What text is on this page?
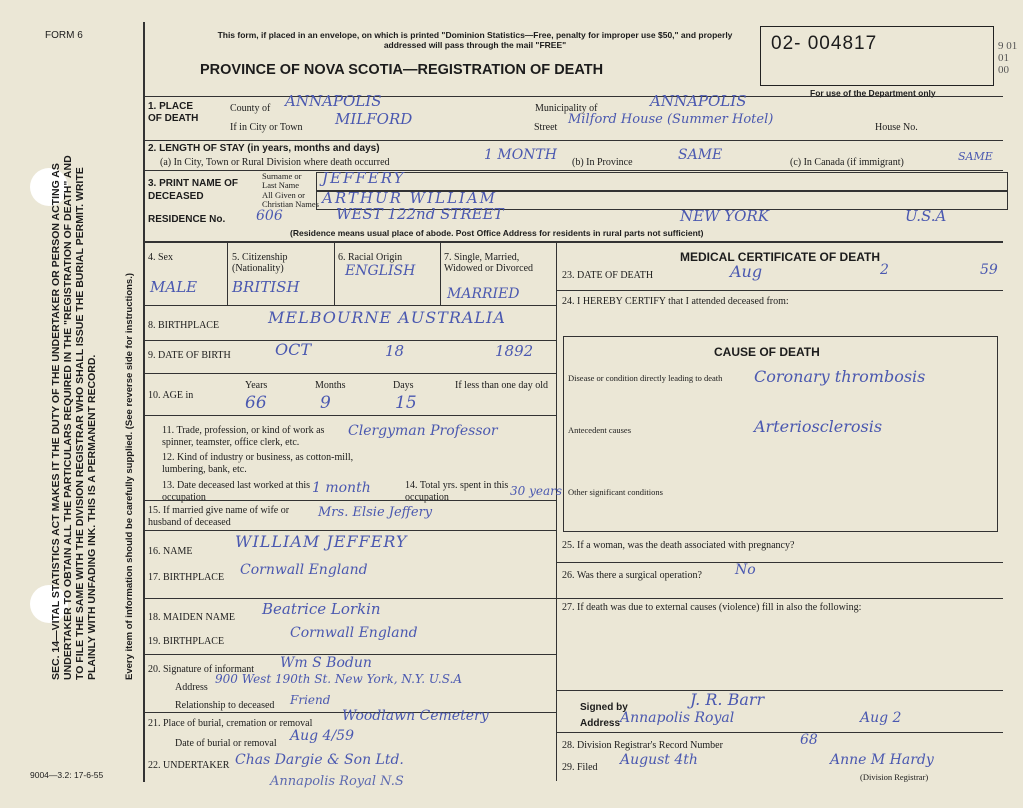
FORM 6
SEC. 14—VITAL STATISTICS ACT MAKES IT THE DUTY OF THE UNDERTAKER OR PERSON ACTING AS UNDERTAKER TO OBTAIN ALL THE PARTICULARS REQUIRED IN THE "REGISTRATION OF DEATH" AND TO FILE THE SAME WITH THE DIVISION REGISTRAR WHO SHALL ISSUE THE BURIAL PERMIT. WRITE PLAINLY WITH UNFADING INK. THIS IS A PERMANENT RECORD.	Every item of information should be carefully supplied. (See reverse side for instructions.)
9004—3.2: 17-6-55
This form, if placed in an envelope, on which is printed "Dominion Statistics—Free, penalty for improper use $50," and properly addressed will pass through the mail "FREE"
PROVINCE OF NOVA SCOTIA—REGISTRATION OF DEATH
02- 004817
For use of the Department only
9 01 01 00
1. PLACE OF DEATH
County of ANNAPOLIS	Municipality of	ANNAPOLIS
If in City or Town MILFORD	Street
Milford House (Summer Hotel)
House No.
2. LENGTH OF STAY (in years, months and days)
(a) In City, Town or Rural Division where death occurred	1 MONTH (b) In Province	SAME	(c) In Canada (if immigrant)	SAME
3. PRINT NAME OF DECEASED
Surname or
Last Name
All Given or
Christian Names
JEFFERY
ARTHUR WILLIAM
RESIDENCE No. 606	WEST 122nd STREET	NEW YORK	U.S.A
(Residence means usual place of abode. Post Office Address for residents in rural parts not sufficient)
4. Sex
MALE
5. Citizenship
(Nationality)
BRITISH
6. Racial Origin
ENGLISH
7. Single, Married, Widowed or Divorced
MARRIED
8. BIRTHPLACE	MELBOURNE AUSTRALIA
9. DATE OF BIRTH	OCT	18	1892
10. AGE in
Years	Months	Days
66	9	15
If less than one day old
11. Trade, profession, or kind of work as spinner, teamster, office clerk, etc.
Clergyman Professor
12. Kind of industry or business, as cotton-mill, lumbering, bank, etc.
13. Date deceased last worked at this occupation
1 month	14. Total yrs. spent in this occupation	30 years
15. If married give name of wife or husband of deceased
Mrs. Elsie Jeffery
16. NAME
WILLIAM JEFFERY
17. BIRTHPLACE Cornwall England
18. MAIDEN NAME Beatrice Lorkin
19. BIRTHPLACE
Cornwall England
20. Signature of informant Wm S Bodun
Address
900 West 190th St. New York, N.Y. U.S.A
Relationship to deceased Friend
21. Place of burial, cremation or removal Woodlawn Cemetery
Date of burial or removal Aug 4/59
22. UNDERTAKER Chas Dargie & Son Ltd.
Annapolis Royal N.S
MEDICAL CERTIFICATE OF DEATH
23. DATE OF DEATH	Aug	2	59
24. I HEREBY CERTIFY that I attended deceased from:
CAUSE OF DEATH
Disease or condition directly leading to death	Coronary thrombosis
Antecedent causes	Arteriosclerosis
Other significant conditions
25. If a woman, was the death associated with pregnancy?
26. Was there a surgical operation? No
27. If death was due to external causes (violence) fill in also the following:
Signed by	J. R. Barr
Address Annapolis Royal	Aug 2
28. Division Registrar's Record Number	68
29. Filed August 4th	Anne M Hardy
(Division Registrar)
